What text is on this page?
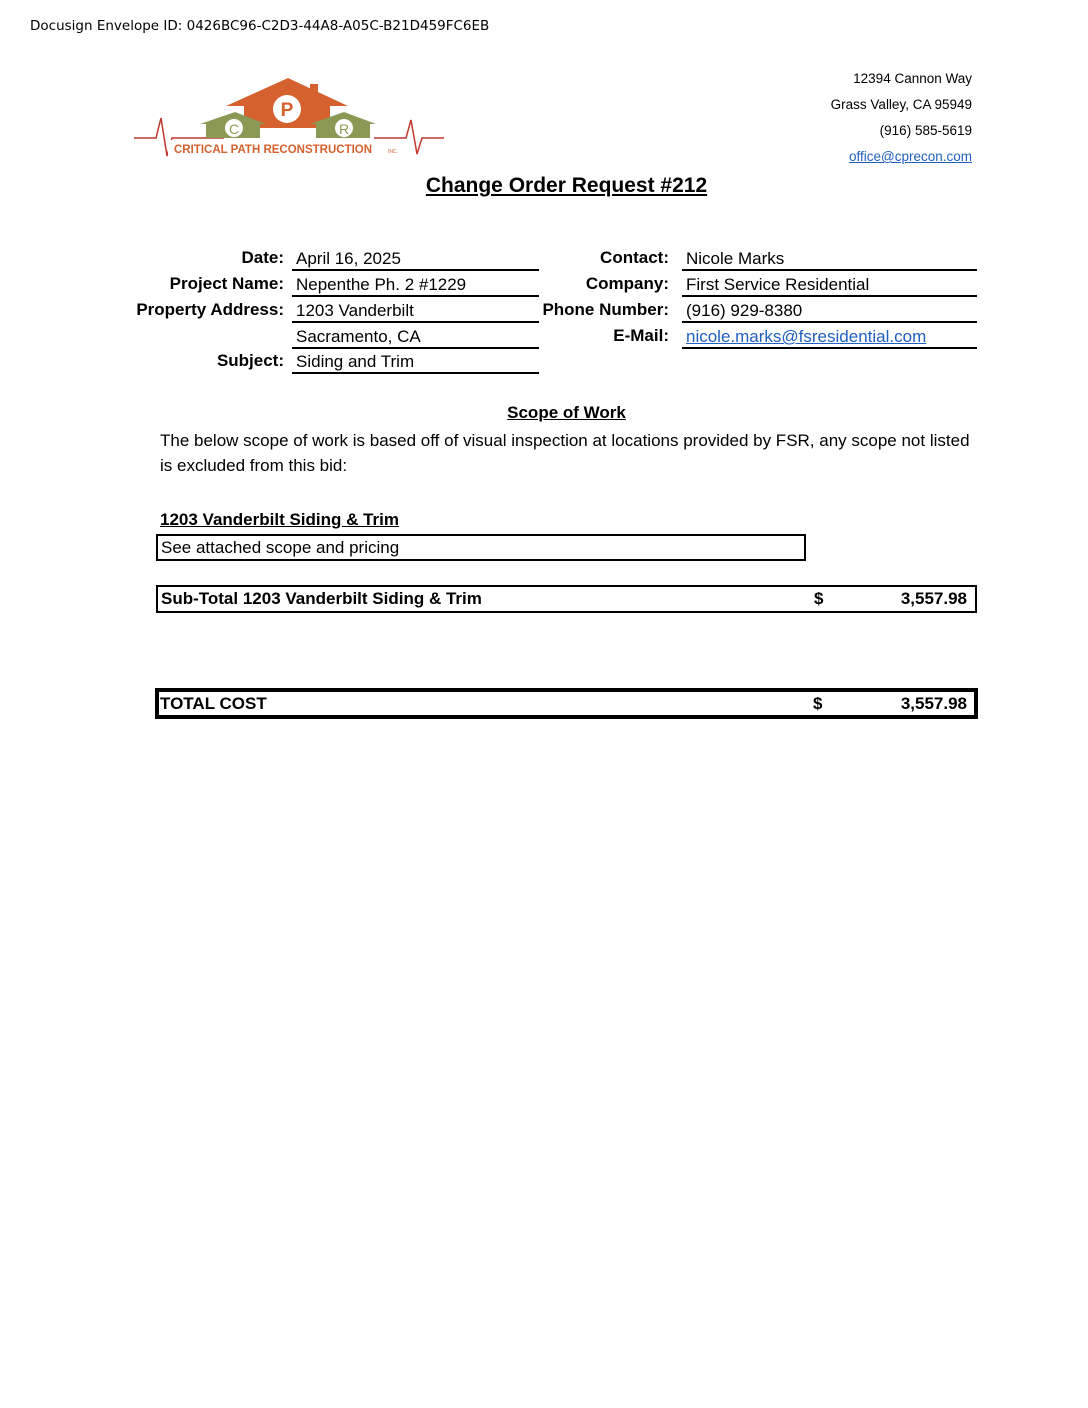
Docusign Envelope ID: 0426BC96-C2D3-44A8-A05C-B21D459FC6EB
P
C	R
CRITICAL PATH RECONSTRUCTION	INC.
12394 Cannon Way
Grass Valley, CA 95949
(916) 585-5619
office@cprecon.com
Change Order Request #212
Date: April 16, 2025
Project Name: Nepenthe Ph. 2 #1229
Property Address: 1203 Vanderbilt
Sacramento, CA
Subject: Siding and Trim
Contact: Nicole Marks
Company: First Service Residential
Phone Number: (916) 929-8380
E-Mail: nicole.marks@fsresidential.com
Scope of Work
The below scope of work is based off of visual inspection at locations provided by FSR, any scope not listed is excluded from this bid:
1203 Vanderbilt Siding & Trim
See attached scope and pricing
Sub-Total 1203 Vanderbilt Siding & Trim	$	3,557.98
TOTAL COST	$	3,557.98
